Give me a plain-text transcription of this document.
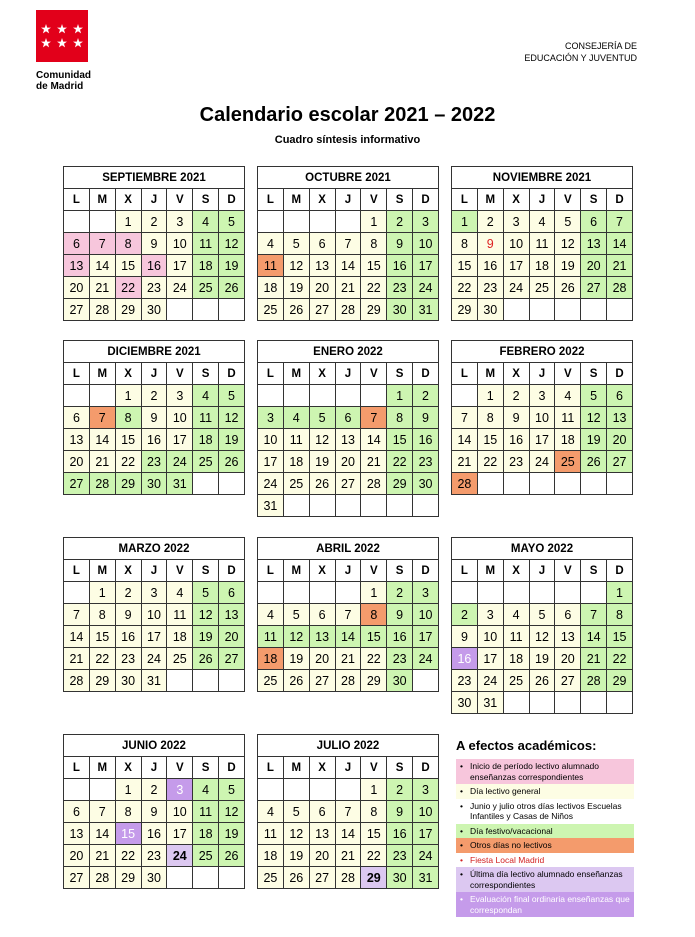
Comunidad
de Madrid
CONSEJERÍA DE
EDUCACIÓN Y JUVENTUD
Calendario escolar 2021 – 2022
Cuadro síntesis informativo
SEPTIEMBRE 2021
L	M	X	J	V	S	D
		1	2	3	4	5
6	7	8	9	10	11	12
13	14	15	16	17	18	19
20	21	22	23	24	25	26
27	28	29	30			
OCTUBRE 2021
L	M	X	J	V	S	D
				1	2	3
4	5	6	7	8	9	10
11	12	13	14	15	16	17
18	19	20	21	22	23	24
25	26	27	28	29	30	31
NOVIEMBRE 2021
L	M	X	J	V	S	D
1	2	3	4	5	6	7
8	9	10	11	12	13	14
15	16	17	18	19	20	21
22	23	24	25	26	27	28
29	30					
DICIEMBRE 2021
L	M	X	J	V	S	D
		1	2	3	4	5
6	7	8	9	10	11	12
13	14	15	16	17	18	19
20	21	22	23	24	25	26
27	28	29	30	31		
ENERO 2022
L	M	X	J	V	S	D
					1	2
3	4	5	6	7	8	9
10	11	12	13	14	15	16
17	18	19	20	21	22	23
24	25	26	27	28	29	30
31						
FEBRERO 2022
L	M	X	J	V	S	D
	1	2	3	4	5	6
7	8	9	10	11	12	13
14	15	16	17	18	19	20
21	22	23	24	25	26	27
28						
MARZO 2022
L	M	X	J	V	S	D
	1	2	3	4	5	6
7	8	9	10	11	12	13
14	15	16	17	18	19	20
21	22	23	24	25	26	27
28	29	30	31			
ABRIL 2022
L	M	X	J	V	S	D
				1	2	3
4	5	6	7	8	9	10
11	12	13	14	15	16	17
18	19	20	21	22	23	24
25	26	27	28	29	30	
MAYO 2022
L	M	X	J	V	S	D
						1
2	3	4	5	6	7	8
9	10	11	12	13	14	15
16	17	18	19	20	21	22
23	24	25	26	27	28	29
30	31					
JUNIO 2022
L	M	X	J	V	S	D
		1	2	3	4	5
6	7	8	9	10	11	12
13	14	15	16	17	18	19
20	21	22	23	24	25	26
27	28	29	30			
JULIO 2022
L	M	X	J	V	S	D
				1	2	3
4	5	6	7	8	9	10
11	12	13	14	15	16	17
18	19	20	21	22	23	24
25	26	27	28	29	30	31
A efectos académicos:
• Inicio de período lectivo alumnado enseñanzas correspondientes
• Día lectivo general
• Junio y julio otros días lectivos Escuelas Infantiles y Casas de Niños
• Día festivo/vacacional
• Otros días no lectivos
• Fiesta Local Madrid
• Última día lectivo alumnado enseñanzas correspondientes
• Evaluación final ordinaria enseñanzas que correspondan
